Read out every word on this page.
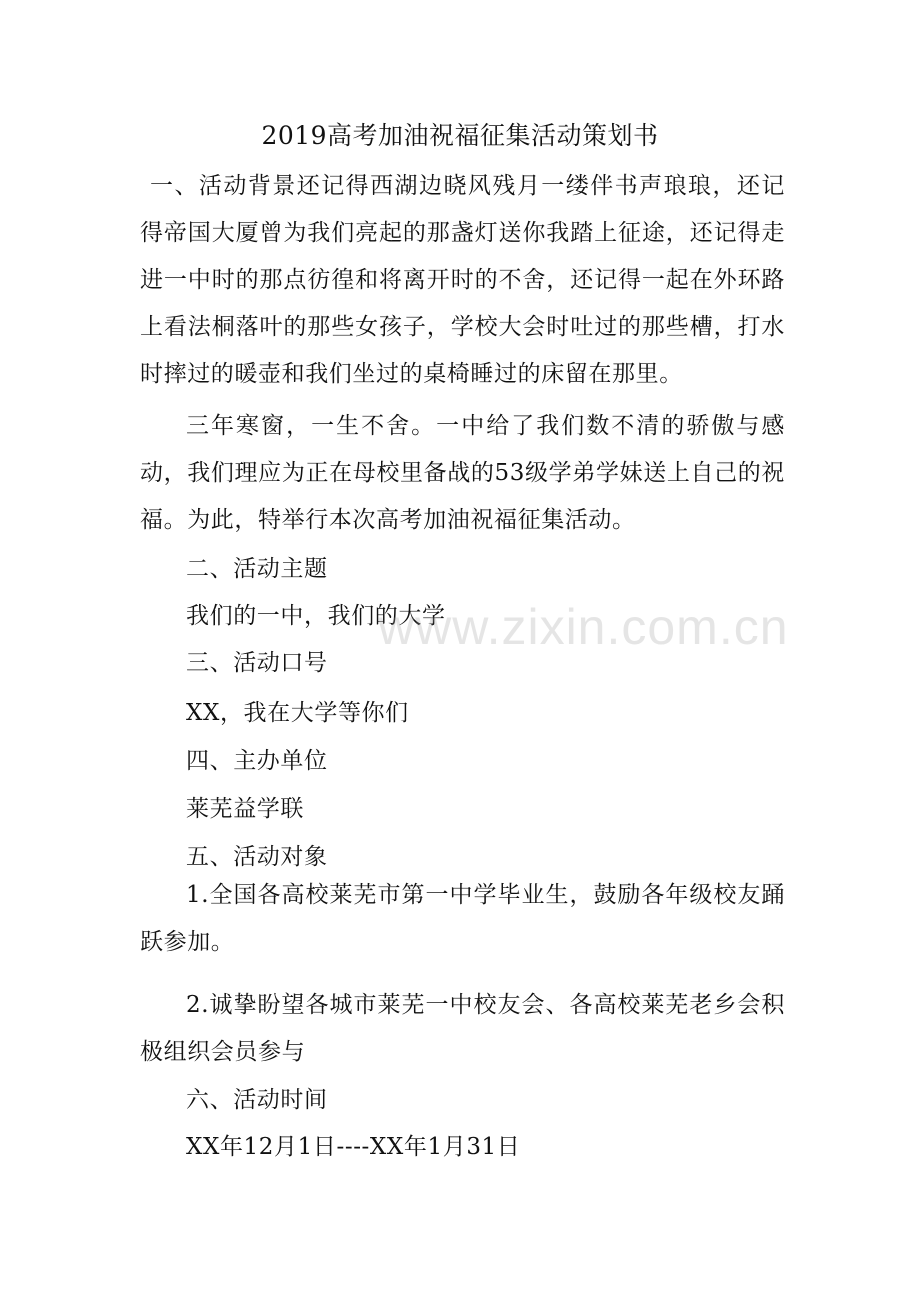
2019高考加油祝福征集活动策划书
一、活动背景还记得西湖边晓风残月一缕伴书声琅琅，还记得帝国大厦曾为我们亮起的那盏灯送你我踏上征途，还记得走进一中时的那点彷徨和将离开时的不舍，还记得一起在外环路上看法桐落叶的那些女孩子，学校大会时吐过的那些槽，打水时摔过的暖壶和我们坐过的桌椅睡过的床留在那里。
三年寒窗，一生不舍。一中给了我们数不清的骄傲与感动，我们理应为正在母校里备战的53级学弟学妹送上自己的祝福。为此，特举行本次高考加油祝福征集活动。
二、活动主题
我们的一中，我们的大学
三、活动口号
XX，我在大学等你们
四、主办单位
莱芜益学联
五、活动对象
1.全国各高校莱芜市第一中学毕业生，鼓励各年级校友踊跃参加。
2.诚挚盼望各城市莱芜一中校友会、各高校莱芜老乡会积极组织会员参与
六、活动时间
XX年12月1日----XX年1月31日
www.zixin.com.cn
